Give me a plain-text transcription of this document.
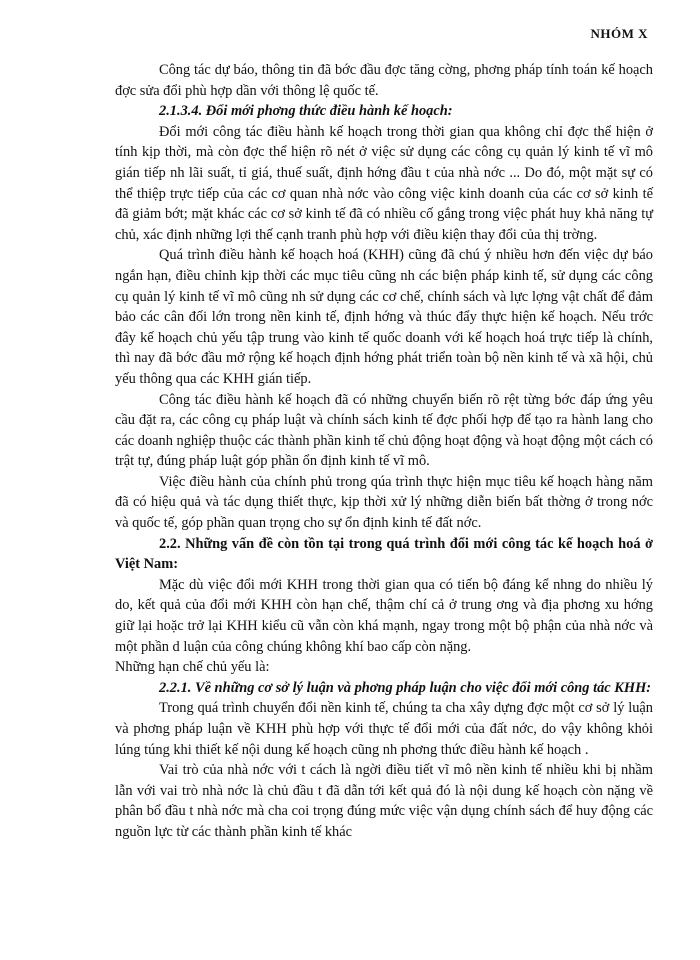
NHÓM X

Công tác dự báo, thông tin đã bớc đầu đợc tăng cờng, phơng pháp tính toán kế hoạch đợc sửa đổi phù hợp dần với thông lệ quốc tế.

2.1.3.4. Đổi mới phơng thức điều hành kế hoạch:

Đổi mới công tác điều hành kế hoạch trong thời gian qua không chỉ đợc thể hiện ở tính kịp thời, mà còn đợc thể hiện rõ nét ở việc sử dụng các công cụ quản lý kinh tế vĩ mô gián tiếp nh lãi suất, tỉ giá, thuế suất, định hớng đầu t của nhà nớc ... Do đó, một mặt sự có thể thiệp trực tiếp của các cơ quan nhà nớc vào công việc kinh doanh của các cơ sở kinh tế đã giảm bớt; mặt khác các cơ sở kinh tế đã có nhiều cố gắng trong việc phát huy khả năng tự chủ, xác định những lợi thế cạnh tranh phù hợp với điều kiện thay đổi của thị trờng.

Quá trình điều hành kế hoạch hoá (KHH) cũng đã chú ý nhiều hơn đến việc dự báo ngắn hạn, điều chỉnh kịp thời các mục tiêu cũng nh các biện pháp kinh tế, sử dụng các công cụ quản lý kinh tế vĩ mô cũng nh sử dụng các cơ chế, chính sách và lực lợng vật chất để đảm bảo các cân đối lớn trong nền kinh tế, định hớng và thúc đẩy thực hiện kế hoạch. Nếu trớc đây kế hoạch chủ yếu tập trung vào kinh tế quốc doanh với kế hoạch hoá trực tiếp là chính, thì nay đã bớc đầu mở rộng kế hoạch định hớng phát triển toàn bộ nền kinh tế và xã hội, chủ yếu thông qua các KHH gián tiếp.

Công tác điều hành kế hoạch đã có những chuyển biến rõ rệt từng bớc đáp ứng yêu cầu đặt ra, các công cụ pháp luật và chính sách kinh tế đợc phối hợp để tạo ra hành lang cho các doanh nghiệp thuộc các thành phần kinh tế chủ động hoạt động và hoạt động một cách có trật tự, đúng pháp luật góp phần ổn định kinh tế vĩ mô.

Việc điều hành của chính phủ trong qúa trình thực hiện mục tiêu kế hoạch hàng năm đã có hiệu quả và tác dụng thiết thực, kịp thời xử lý những diễn biến bất thờng ở trong nớc và quốc tế, góp phần quan trọng cho sự ổn định kinh tế đất nớc.

2.2. Những vấn đề còn tồn tại trong quá trình đổi mới công tác kế hoạch hoá ở Việt Nam:

Mặc dù việc đổi mới KHH trong thời gian qua có tiến bộ đáng kể nhng do nhiều lý do, kết quả của đổi mới KHH còn hạn chế, thậm chí cả ở trung ơng và địa phơng xu hớng giữ lại hoặc trở lại KHH kiểu cũ vẫn còn khá mạnh, ngay trong một bộ phận của nhà nớc và một phần d luận của công chúng không khí bao cấp còn nặng.

Những hạn chế chủ yếu là:

2.2.1. Về những cơ sở lý luận và phơng pháp luận cho việc đổi mới công tác KHH:

Trong quá trình chuyển đổi nền kinh tế, chúng ta cha xây dựng đợc một cơ sở lý luận và phơng pháp luận về KHH phù hợp với thực tế đổi mới của đất nớc, do vậy không khỏi lúng túng khi thiết kế nội dung kế hoạch cũng nh phơng thức điều hành kế hoạch .

Vai trò của nhà nớc với t cách là ngời điều tiết vĩ mô nền kinh tế nhiều khi bị nhầm lẫn với vai trò nhà nớc là chủ đầu t đã dẫn tới kết quả đó là nội dung kế hoạch còn nặng về phân bổ đầu t nhà nớc mà cha coi trọng đúng mức việc vận dụng chính sách để huy động các nguồn lực từ các thành phần kinh tế khác
